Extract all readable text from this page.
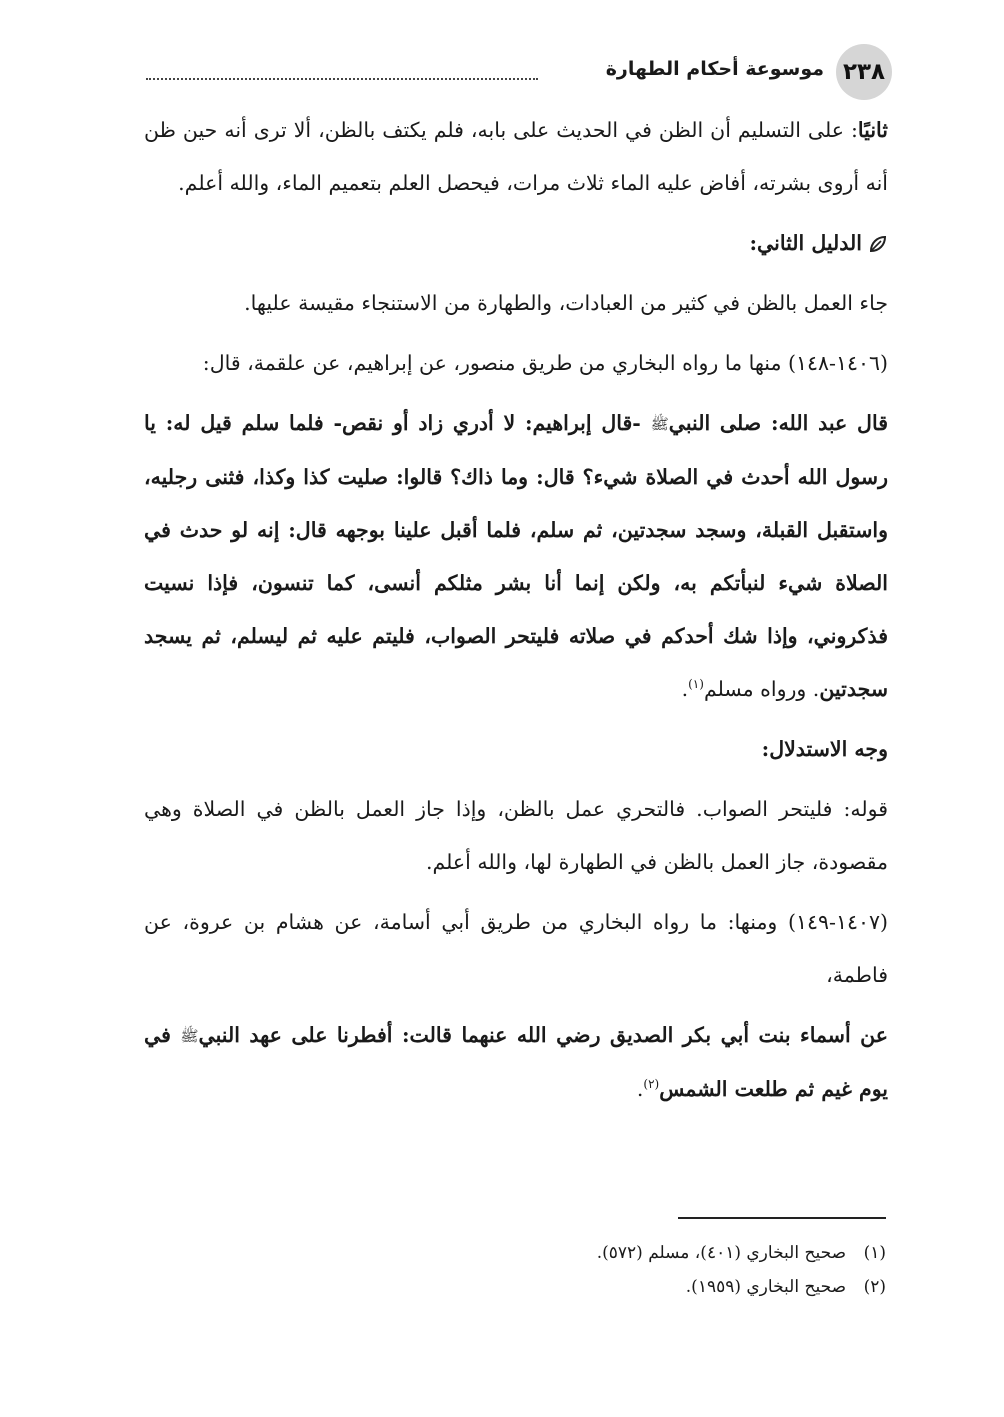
٢٣٨
موسوعة أحكام الطهارة

ثانيًا: على التسليم أن الظن في الحديث على بابه، فلم يكتف بالظن، ألا ترى أنه حين ظن أنه أروى بشرته، أفاض عليه الماء ثلاث مرات، فيحصل العلم بتعميم الماء، والله أعلم.

الدليل الثاني:

جاء العمل بالظن في كثير من العبادات، والطهارة من الاستنجاء مقيسة عليها.

(١٤٠٦-١٤٨) منها ما رواه البخاري من طريق منصور، عن إبراهيم، عن علقمة، قال:

قال عبد الله: صلى النبيﷺ -قال إبراهيم: لا أدري زاد أو نقص- فلما سلم قيل له: يا رسول الله أحدث في الصلاة شيء؟ قال: وما ذاك؟ قالوا: صليت كذا وكذا، فثنى رجليه، واستقبل القبلة، وسجد سجدتين، ثم سلم، فلما أقبل علينا بوجهه قال: إنه لو حدث في الصلاة شيء لنبأتكم به، ولكن إنما أنا بشر مثلكم أنسى، كما تنسون، فإذا نسيت فذكروني، وإذا شك أحدكم في صلاته فليتحر الصواب، فليتم عليه ثم ليسلم، ثم يسجد سجدتين. ورواه مسلم$^{(١)}$.

وجه الاستدلال:

قوله: فليتحر الصواب. فالتحري عمل بالظن، وإذا جاز العمل بالظن في الصلاة وهي مقصودة، جاز العمل بالظن في الطهارة لها، والله أعلم.

(١٤٠٧-١٤٩) ومنها: ما رواه البخاري من طريق أبي أسامة، عن هشام بن عروة، عن فاطمة،

عن أسماء بنت أبي بكر الصديق رضي الله عنهما قالت: أفطرنا على عهد النبيﷺ في يوم غيم ثم طلعت الشمس$^{(٢)}$.

(١)صحيح البخاري (٤٠١)، مسلم (٥٧٢).
(٢)صحيح البخاري (١٩٥٩).
